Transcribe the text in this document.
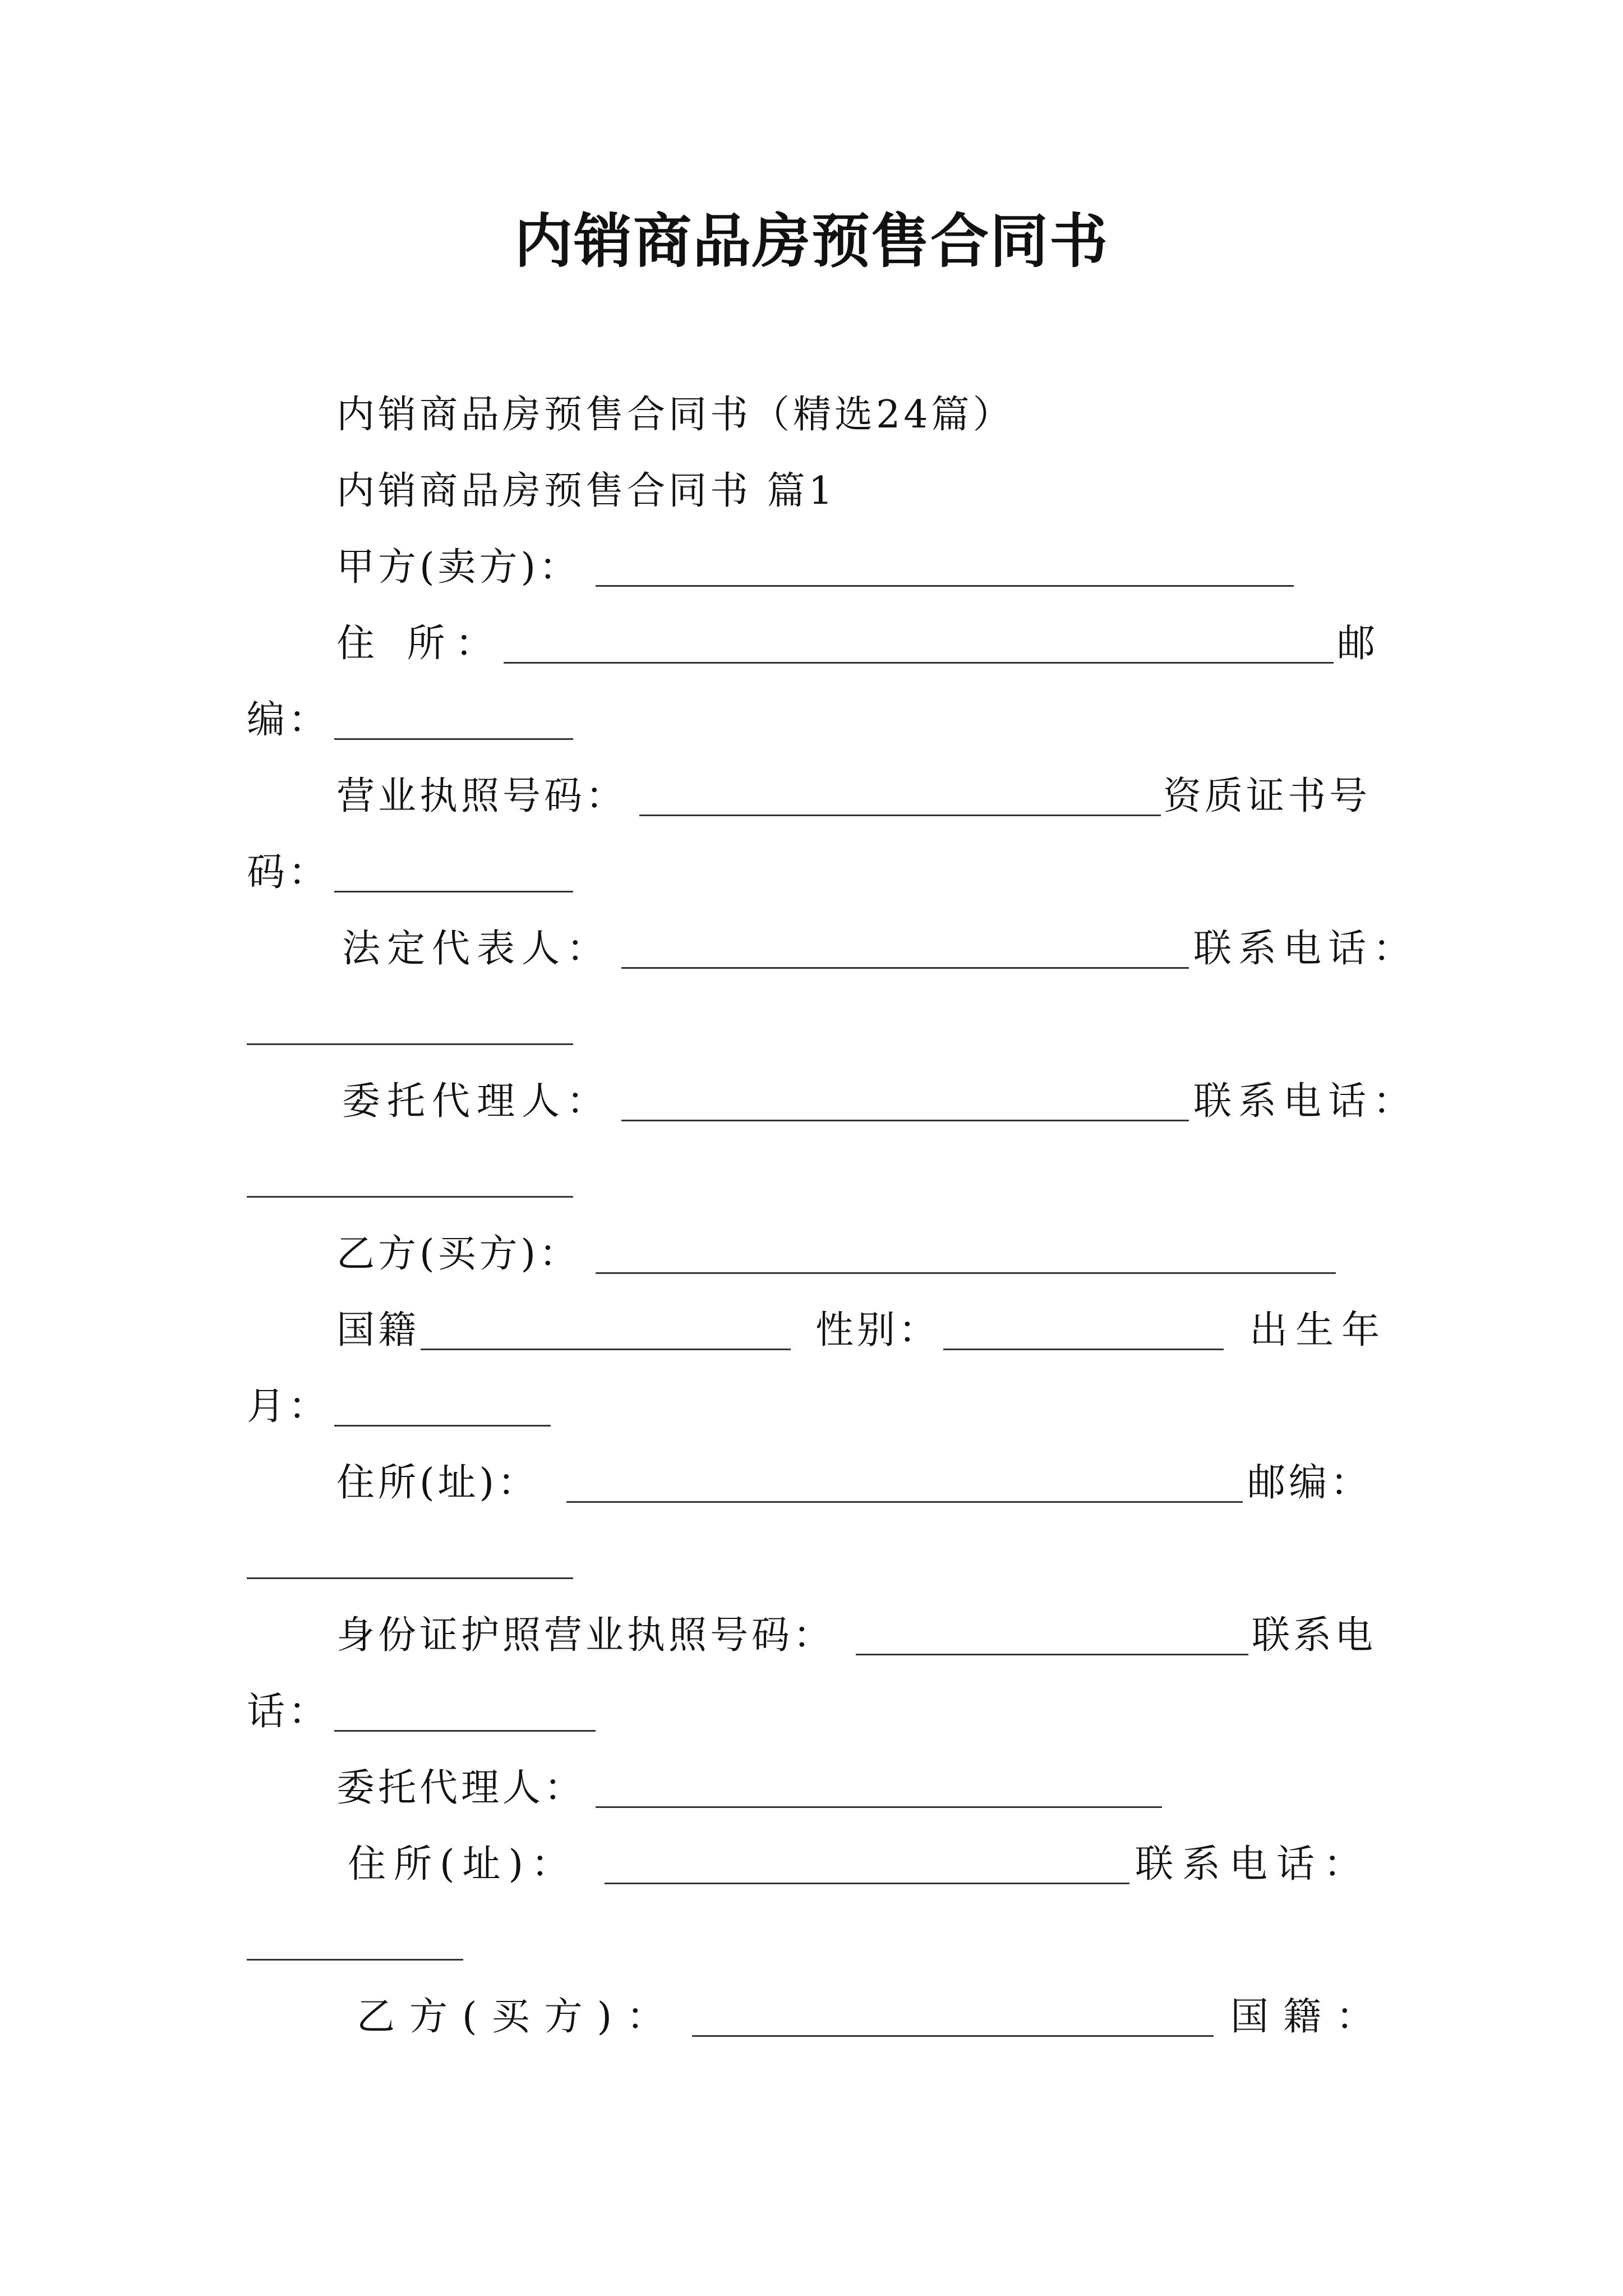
内销商品房预售合同书
内销商品房预售合同书（精选24篇）
内销商品房预售合同书 篇1
甲方(卖方)：
住 所：	邮
编：
营业执照号码：	资质证书号
码：
法定代表人：	联系电话：
委托代理人：	联系电话：
乙方(买方)：
国籍	性别：	出生年
月：
住所(址)：	邮编：
身份证护照营业执照号码：	联系电
话：
委托代理人：
住所(址)：	联系电话：
乙方(买方)：	国籍：
